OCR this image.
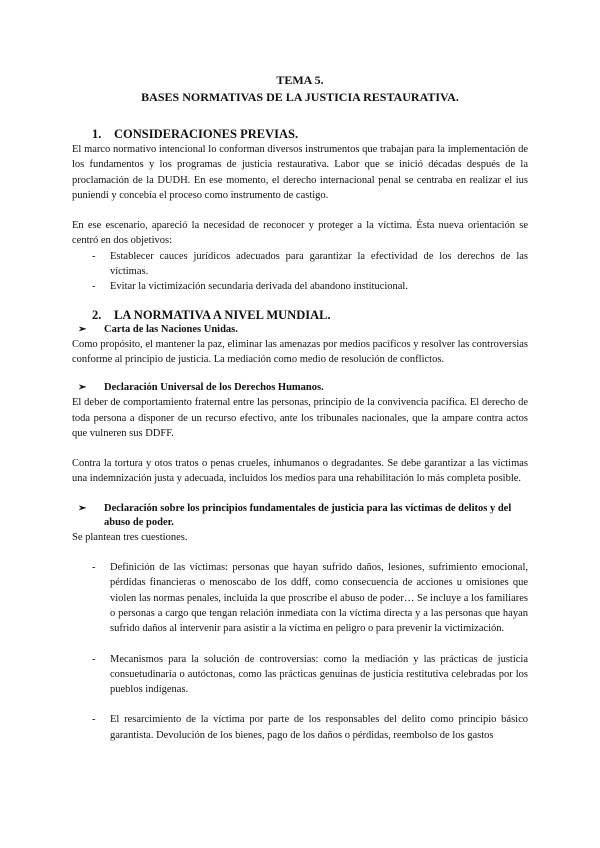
TEMA 5.

BASES NORMATIVAS DE LA JUSTICIA RESTAURATIVA.

1. CONSIDERACIONES PREVIAS.

El marco normativo intencional lo conforman diversos instrumentos que trabajan para la implementación de los fundamentos y los programas de justicia restaurativa. Labor que se inició décadas después de la proclamación de la DUDH. En ese momento, el derecho internacional penal se centraba en realizar el ius puniendi y concebía el proceso como instrumento de castigo.

En ese escenario, apareció la necesidad de reconocer y proteger a la víctima. Ésta nueva orientación se centró en dos objetivos:

- Establecer cauces jurídicos adecuados para garantizar la efectividad de los derechos de las víctimas.
- Evitar la victimización secundaria derivada del abandono institucional.

2. LA NORMATIVA A NIVEL MUNDIAL.

➢	Carta de las Naciones Unidas.

Como propósito, el mantener la paz, eliminar las amenazas por medios pacíficos y resolver las controversias conforme al principio de justicia. La mediación como medio de resolución de conflictos.

➢	Declaración Universal de los Derechos Humanos.

El deber de comportamiento fraternal entre las personas, principio de la convivencia pacífica. El derecho de toda persona a disponer de un recurso efectivo, ante los tribunales nacionales, que la ampare contra actos que vulneren sus DDFF.

Contra la tortura y otos tratos o penas crueles, inhumanos o degradantes. Se debe garantizar a las víctimas una indemnización justa y adecuada, incluidos los medios para una rehabilitación lo más completa posible.

➢	Declaración sobre los principios fundamentales de justicia para las víctimas de delitos y del abuso de poder.

Se plantean tres cuestiones.

- Definición de las víctimas: personas que hayan sufrido daños, lesiones, sufrimiento emocional, pérdidas financieras o menoscabo de los ddff, como consecuencia de acciones u omisiones que violen las normas penales, incluida la que proscribe el abuso de poder… Se incluye a los familiares o personas a cargo que tengan relación inmediata con la víctima directa y a las personas que hayan sufrido daños al intervenir para asistir a la víctima en peligro o para prevenir la victimización.
- Mecanismos para la solución de controversias: como la mediación y las prácticas de justicia consuetudinaria o autóctonas, como las prácticas genuinas de justicia restitutiva celebradas por los pueblos indígenas.
- El resarcimiento de la víctima por parte de los responsables del delito como principio básico garantista. Devolución de los bienes, pago de los daños o pérdidas, reembolso de los gastos
